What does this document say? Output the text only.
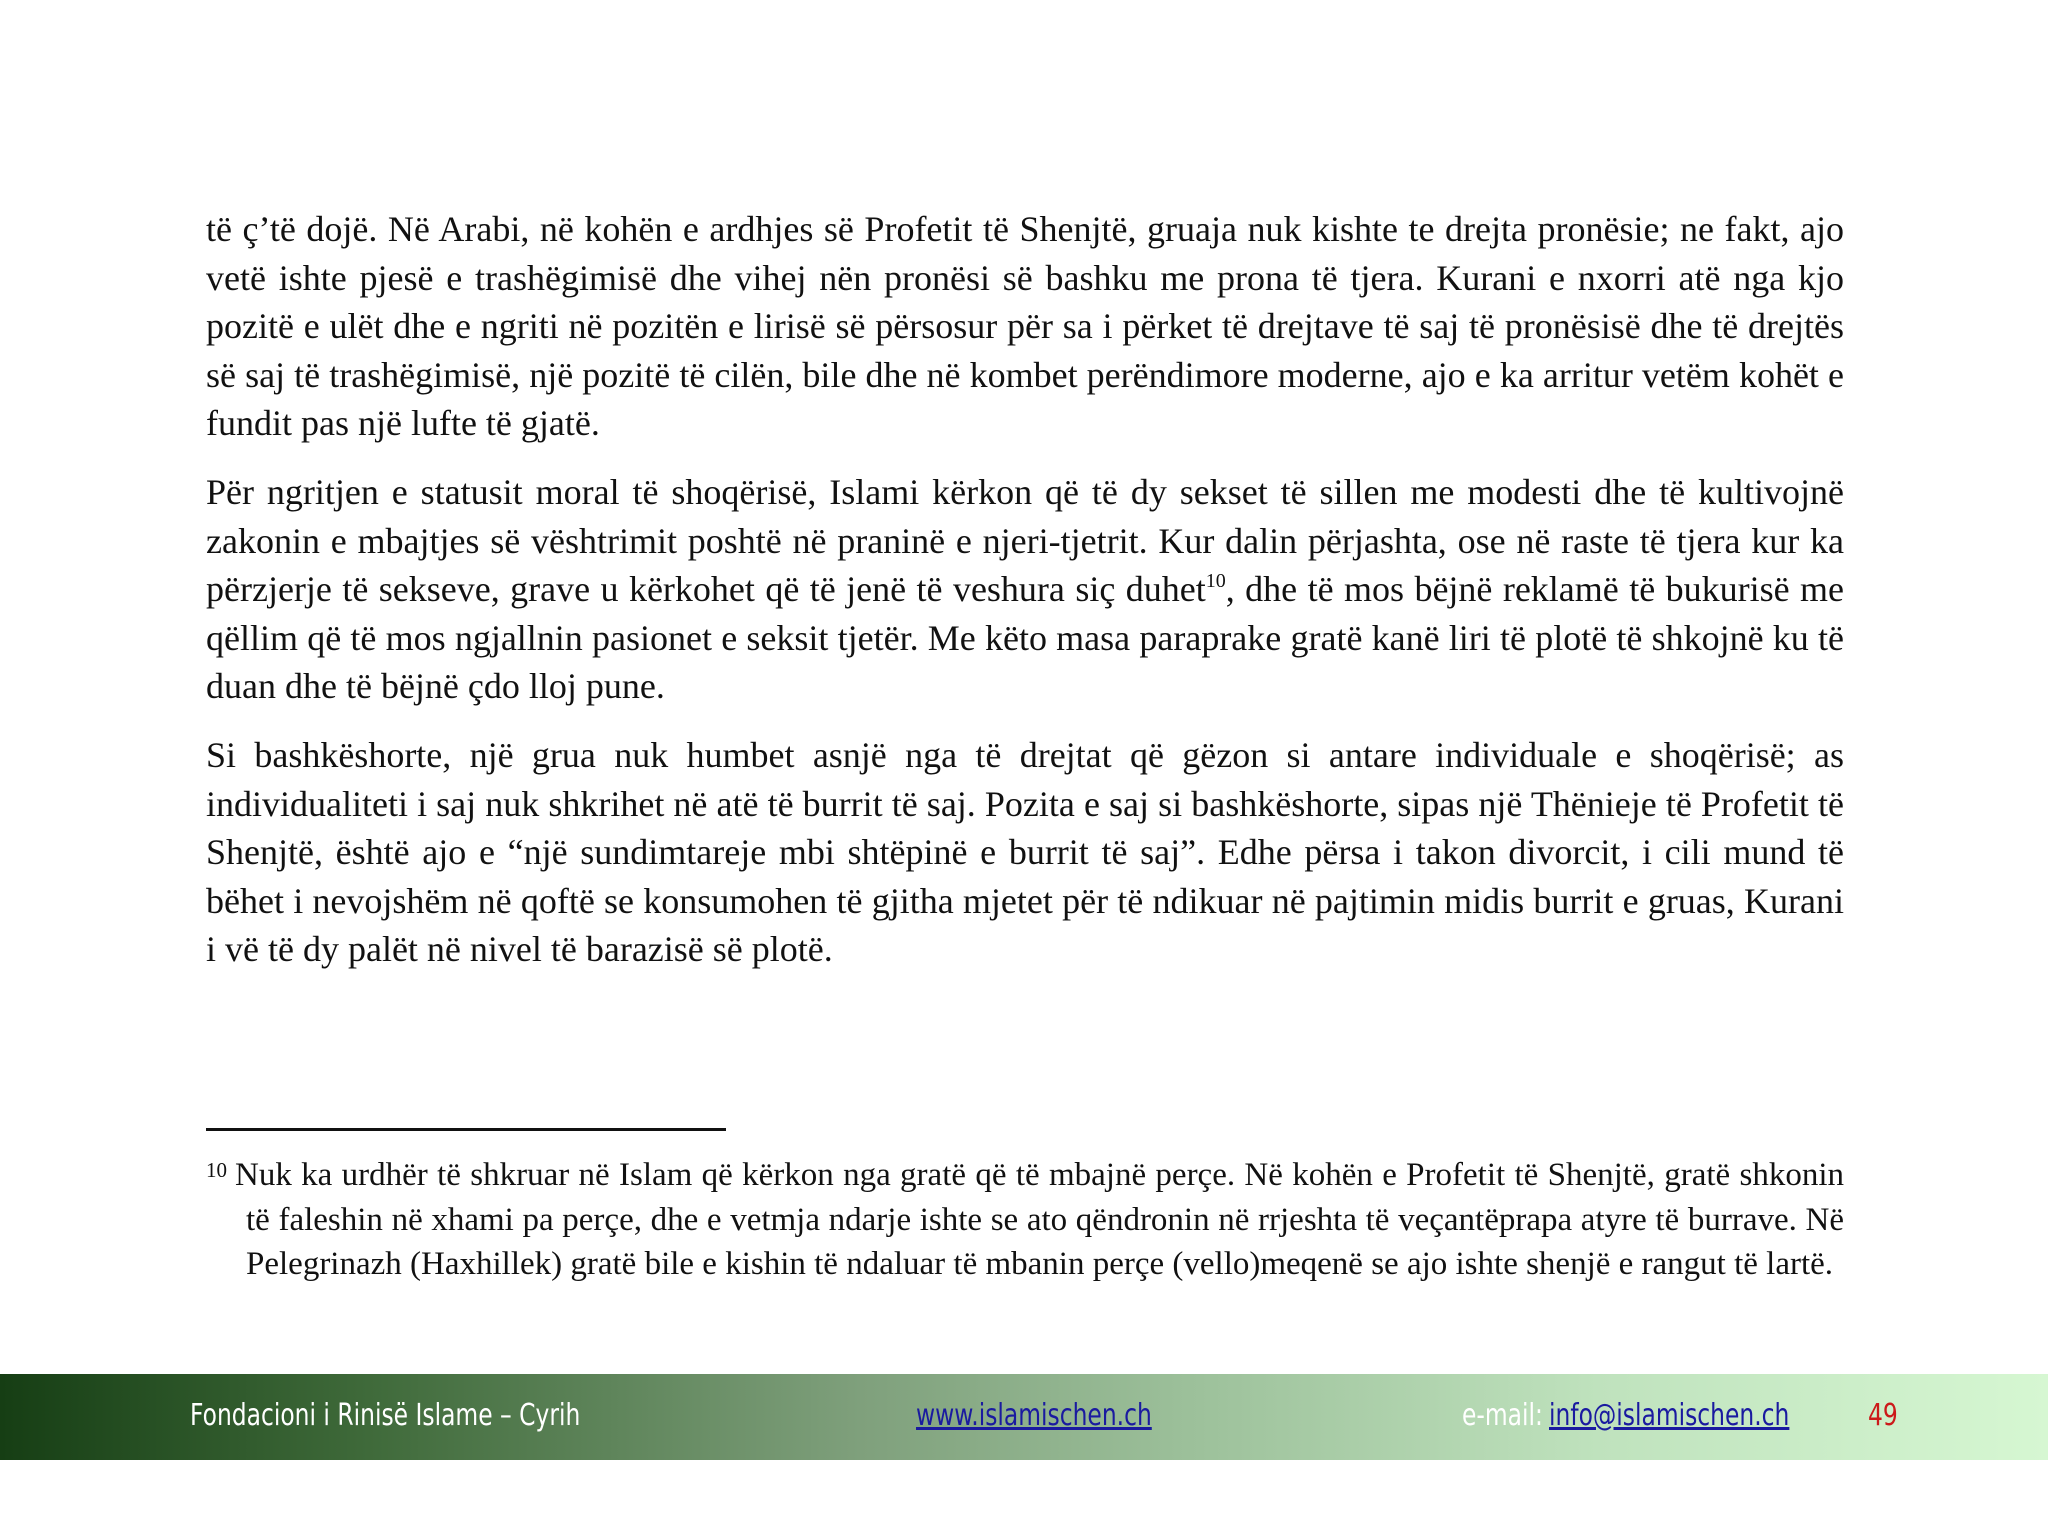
të ç’të dojë. Në Arabi, në kohën e ardhjes së Profetit të Shenjtë, gruaja nuk kishte te drejta pronësie; ne fakt, ajo vetë ishte pjesë e trashëgimisë dhe vihej nën pronësi së bashku me prona të tjera. Kurani e nxorri atë nga kjo pozitë e ulët dhe e ngriti në pozitën e lirisë së përsosur për sa i përket të drejtave të saj të pronësisë dhe të drejtës së saj të trashëgimisë, një pozitë të cilën, bile dhe në kombet perëndimore moderne, ajo e ka arritur vetëm kohët e fundit pas një lufte të gjatë.

Për ngritjen e statusit moral të shoqërisë, Islami kërkon që të dy sekset të sillen me modesti dhe të kultivojnë zakonin e mbajtjes së vështrimit poshtë në praninë e njeri-tjetrit. Kur dalin përjashta, ose në raste të tjera kur ka përzjerje të sekseve, grave u kërkohet që të jenë të veshura siç duhet$^{10}$, dhe të mos bëjnë reklamë të bukurisë me qëllim që të mos ngjallnin pasionet e seksit tjetër. Me këto masa paraprake gratë kanë liri të plotë të shkojnë ku të duan dhe të bëjnë çdo lloj pune.

Si bashkëshorte, një grua nuk humbet asnjë nga të drejtat që gëzon si antare individuale e shoqërisë; as individualiteti i saj nuk shkrihet në atë të burrit të saj. Pozita e saj si bashkëshorte, sipas një Thënieje të Profetit të Shenjtë, është ajo e “një sundimtareje mbi shtëpinë e burrit të saj”. Edhe përsa i takon divorcit, i cili mund të bëhet i nevojshëm në qoftë se konsumohen të gjitha mjetet për të ndikuar në pajtimin midis burrit e gruas, Kurani i vë të dy palët në nivel të barazisë së plotë.

$^{10}$ Nuk ka urdhër të shkruar në Islam që kërkon nga gratë që të mbajnë perçe. Në kohën e Profetit të Shenjtë, gratë shkonin të faleshin në xhami pa perçe, dhe e vetmja ndarje ishte se ato qëndronin në rrjeshta të veçantëprapa atyre të burrave. Në Pelegrinazh (Haxhillek) gratë bile e kishin të ndaluar të mbanin perçe (vello)meqenë se ajo ishte shenjë e rangut të lartë.
Fondacioni i Rinisë Islame – Cyrih	www.islamischen.ch	e-mail: info@islamischen.ch	49
